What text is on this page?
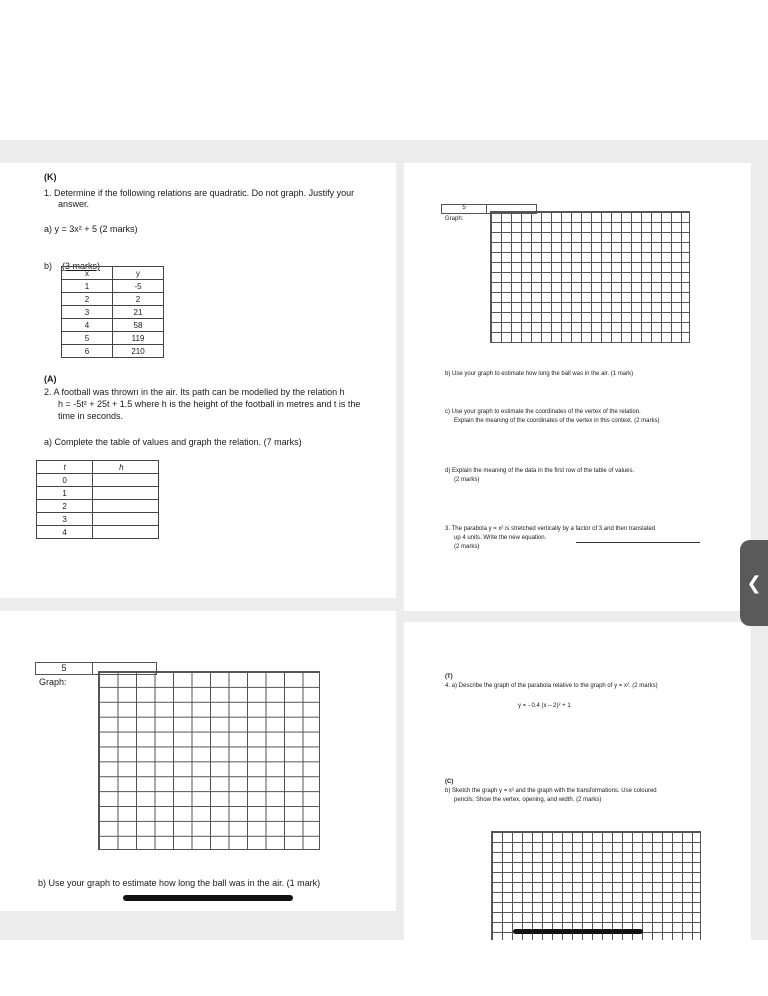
(K)
1. Determine if the following relations are quadratic. Do not graph. Justify your
answer.
a) y = 3x² + 5 (2 marks)
b) (3 marks)
x	y
1	-5
2	2
3	21
4	58
5	119
6	210
(A)
2. A football was thrown in the air. Its path can be modelled by the relation h
h = -5t² + 25t + 1.5 where h is the height of the football in metres and t is the
time in seconds.
a) Complete the table of values and graph the relation. (7 marks)
t	h
0	
1	
2	
3	
4	
5
Graph:
b) Use your graph to estimate how long the ball was in the air. (1 mark)
c) Use your graph to estimate the coordinates of the vertex of the relation.
Explain the meaning of the coordinates of the vertex in this context. (2 marks)
d) Explain the meaning of the data in the first row of the table of values.
(2 marks)
3. The parabola y = x² is stretched vertically by a factor of 3 and then translated
up 4 units. Write the new equation.
(2 marks)
5
Graph:
b) Use your graph to estimate how long the ball was in the air. (1 mark)
(T)
4. a) Describe the graph of the parabola relative to the graph of y = x². (2 marks)
y = - 0.4 (x – 2)² + 1
(C)
b) Sketch the graph y = x² and the graph with the transformations. Use coloured
pencils. Show the vertex, opening, and width. (2 marks)
❮
